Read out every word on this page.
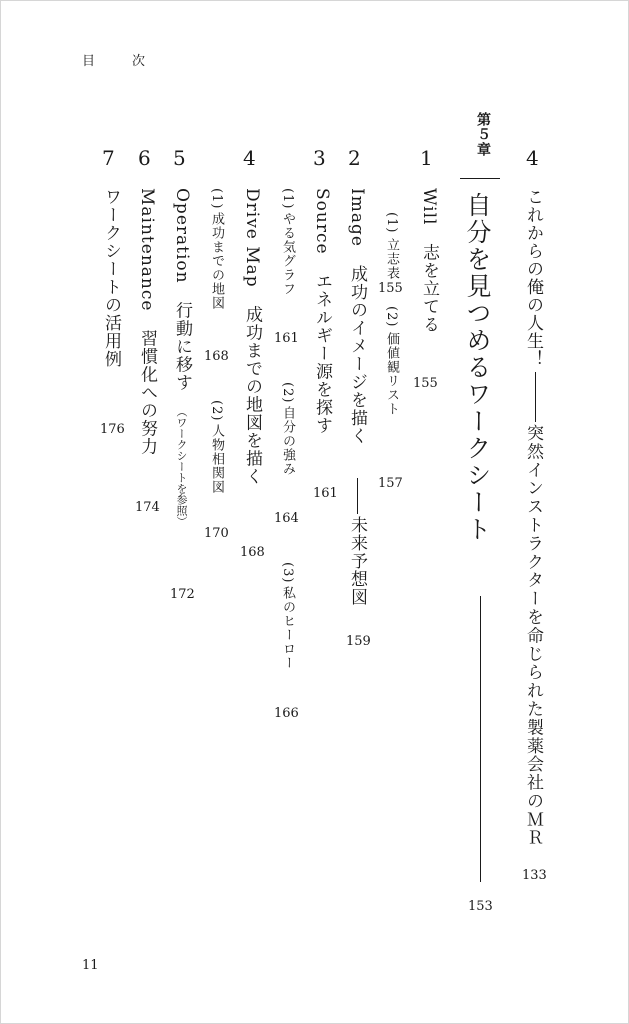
目　次
4
これからの俺の人生！
突然インストラクターを命じられた製薬会社のＭＲ
133
第５章
自分を見つめるワークシート
153
1
Will　志を立てる
155
(1)
立志表
155
(2)
価値観リスト
157
2
Image　成功のイメージを描く
未来予想図
159
3
Source　エネルギー源を探す
161
(1)
やる気グラフ
161
(2)
自分の強み
164
(3)
私のヒーロー
166
4
Drive Map　成功までの地図を描く
168
(1)
成功までの地図
168
(2)
人物相関図
170
5
Operation　行動に移す
（ワークシートを参照）
172
6
Maintenance　習慣化への努力
174
7
ワークシートの活用例
176
11
